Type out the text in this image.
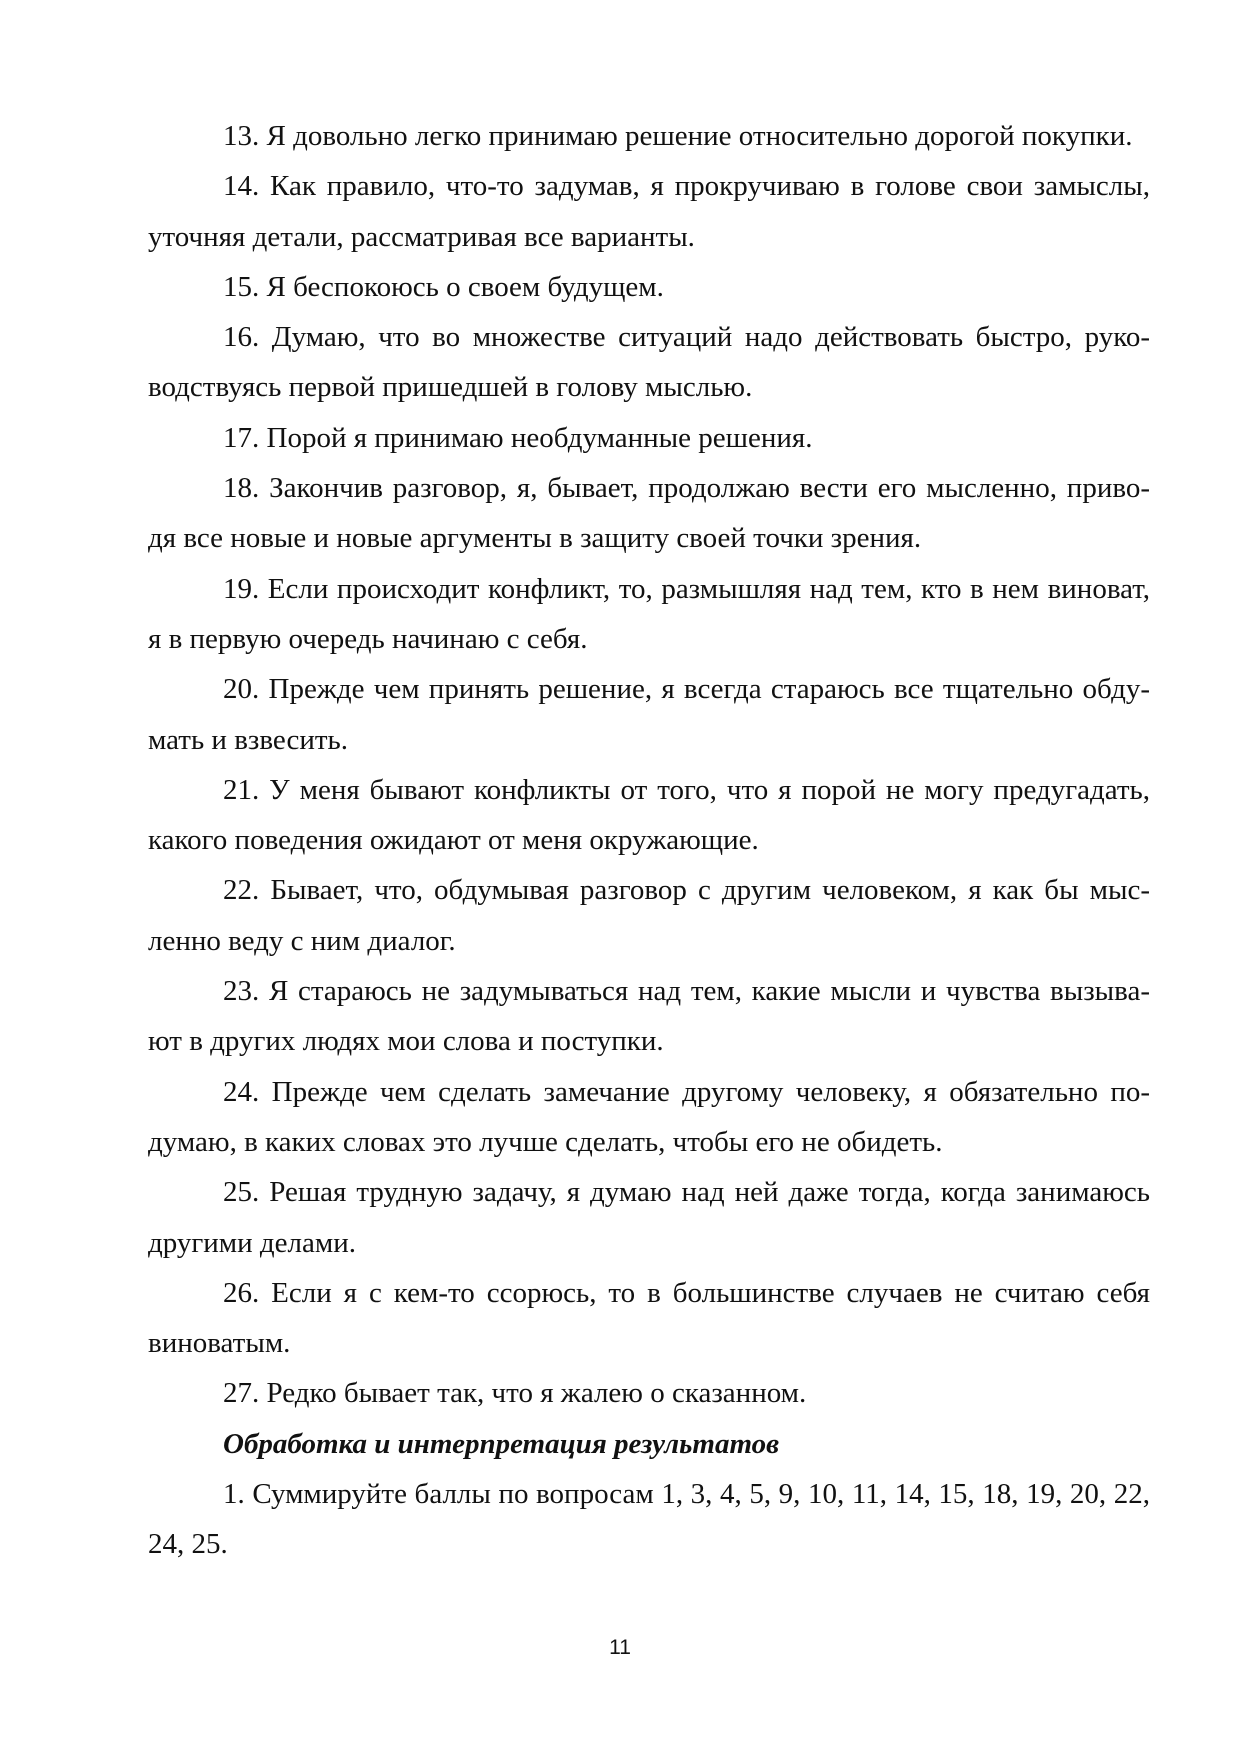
13. Я довольно легко принимаю решение относительно дорогой покупки.
14. Как правило, что-то задумав, я прокручиваю в голове свои замыслы,
уточняя детали, рассматривая все варианты.
15. Я беспокоюсь о своем будущем.
16. Думаю, что во множестве ситуаций надо действовать быстро, руко-
водствуясь первой пришедшей в голову мыслью.
17. Порой я принимаю необдуманные решения.
18. Закончив разговор, я, бывает, продолжаю вести его мысленно, приво-
дя все новые и новые аргументы в защиту своей точки зрения.
19. Если происходит конфликт, то, размышляя над тем, кто в нем виноват,
я в первую очередь начинаю с себя.
20. Прежде чем принять решение, я всегда стараюсь все тщательно обду-
мать и взвесить.
21. У меня бывают конфликты от того, что я порой не могу предугадать,
какого поведения ожидают от меня окружающие.
22. Бывает, что, обдумывая разговор с другим человеком, я как бы мыс-
ленно веду с ним диалог.
23. Я стараюсь не задумываться над тем, какие мысли и чувства вызыва-
ют в других людях мои слова и поступки.
24. Прежде чем сделать замечание другому человеку, я обязательно по-
думаю, в каких словах это лучше сделать, чтобы его не обидеть.
25. Решая трудную задачу, я думаю над ней даже тогда, когда занимаюсь
другими делами.
26. Если я с кем-то ссорюсь, то в большинстве случаев не считаю себя
виноватым.
27. Редко бывает так, что я жалею о сказанном.
Обработка и интерпретация результатов
1. Суммируйте баллы по вопросам 1, 3, 4, 5, 9, 10, 11, 14, 15, 18, 19, 20, 22,
24, 25.
11
